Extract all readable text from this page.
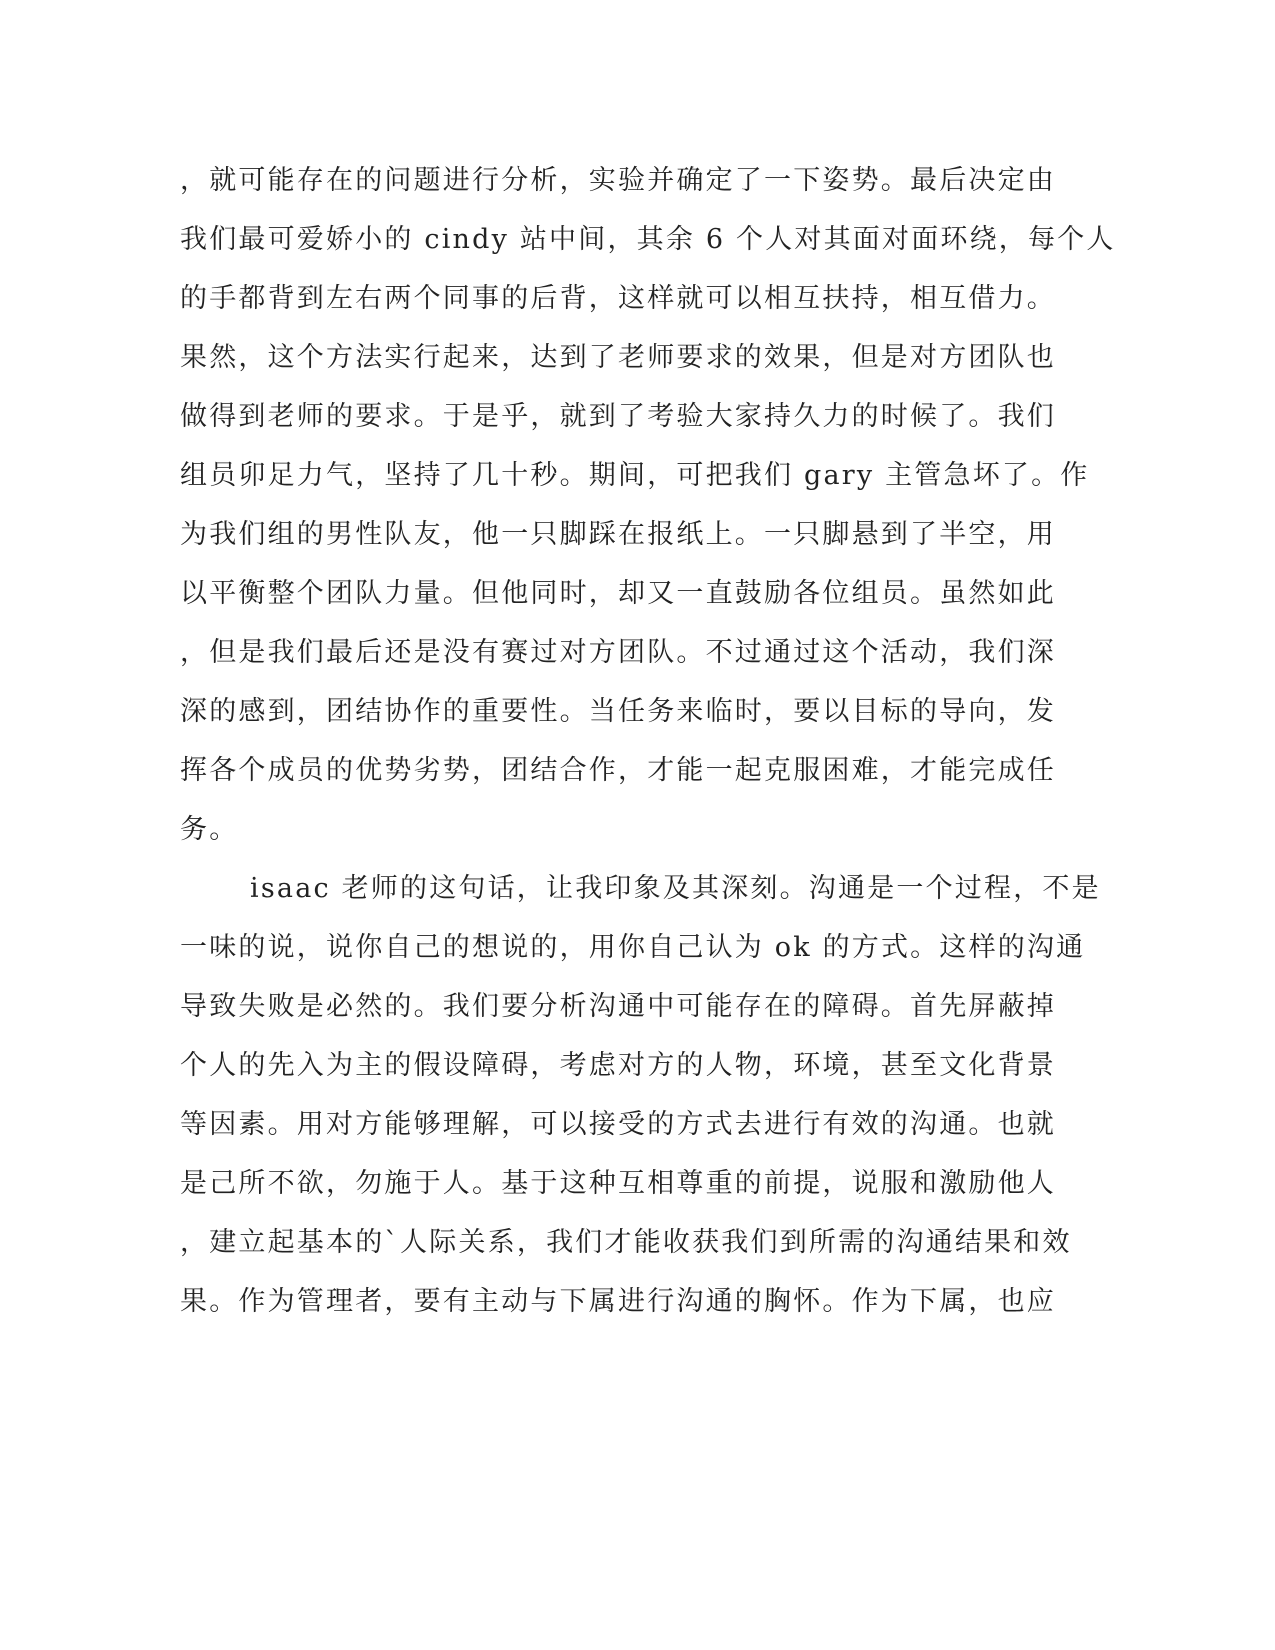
，就可能存在的问题进行分析，实验并确定了一下姿势。最后决定由
我们最可爱娇小的 cindy 站中间，其余 6 个人对其面对面环绕，每个人
的手都背到左右两个同事的后背，这样就可以相互扶持，相互借力。
果然，这个方法实行起来，达到了老师要求的效果，但是对方团队也
做得到老师的要求。于是乎，就到了考验大家持久力的时候了。我们
组员卯足力气，坚持了几十秒。期间，可把我们 gary 主管急坏了。作
为我们组的男性队友，他一只脚踩在报纸上。一只脚悬到了半空，用
以平衡整个团队力量。但他同时，却又一直鼓励各位组员。虽然如此
，但是我们最后还是没有赛过对方团队。不过通过这个活动，我们深
深的感到，团结协作的重要性。当任务来临时，要以目标的导向，发
挥各个成员的优势劣势，团结合作，才能一起克服困难，才能完成任
务。
isaac 老师的这句话，让我印象及其深刻。沟通是一个过程，不是
一味的说，说你自己的想说的，用你自己认为 ok 的方式。这样的沟通
导致失败是必然的。我们要分析沟通中可能存在的障碍。首先屏蔽掉
个人的先入为主的假设障碍，考虑对方的人物，环境，甚至文化背景
等因素。用对方能够理解，可以接受的方式去进行有效的沟通。也就
是己所不欲，勿施于人。基于这种互相尊重的前提，说服和激励他人
，建立起基本的`人际关系，我们才能收获我们到所需的沟通结果和效
果。作为管理者，要有主动与下属进行沟通的胸怀。作为下属，也应
